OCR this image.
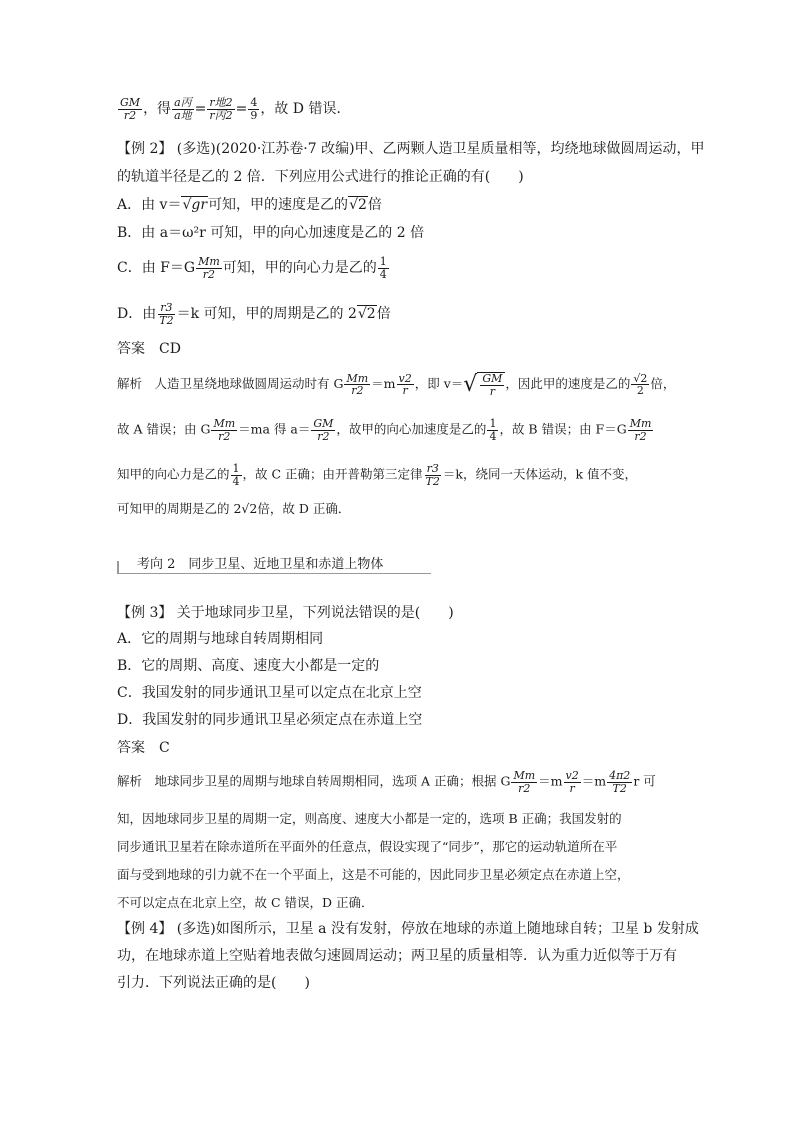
$\frac{GM}{r2}$ ，得 $\frac{\text{a丙}}{\text{a地}} = \frac{\text{r地2}}{\text{r丙2}} = \frac{4}{9}$ ，故 D 错误．
【例 2】 (多选)(2020·江苏卷·7 改编)甲、乙两颗人造卫星质量相等，均绕地球做圆周运动，甲
的轨道半径是乙的 2 倍．下列应用公式进行的推论正确的有(　　)
A．由 v＝√gr可知，甲的速度是乙的√2倍
B．由 a＝ω²r 可知，甲的向心加速度是乙的 2 倍
C．由 $F=G \frac{Mm}{r2}$ 可知，甲的向心力是乙的 $\frac{1}{4}$
D．由 $\frac{r3}{T2} =k$ 可知，甲的周期是乙的 2√2倍
答案　CD
解析　人造卫星绕地球做圆周运动时有 G $\frac{Mm}{r2} =m \frac{v2}{r}$ ，即 v＝ √ $\frac{GM}{r}$ ，因此甲的速度是乙的 $\frac{√2}{2}$ 倍，
故 A 错误；由 G $\frac{Mm}{r2} =ma$ 得 $a= \frac{GM}{r2}$ ，故甲的向心加速度是乙的 $\frac{1}{4}$ ，故 B 错误；由 $F=G \frac{Mm}{r2}$
知甲的向心力是乙的 $\frac{1}{4}$ ，故 C 正确；由开普勒第三定律 $\frac{r3}{T2} =k$，绕同一天体运动，k 值不变，
可知甲的周期是乙的 2√2倍，故 D 正确．
考向 2　同步卫星、近地卫星和赤道上物体
【例 3】 关于地球同步卫星，下列说法错误的是(　　)
A．它的周期与地球自转周期相同
B．它的周期、高度、速度大小都是一定的
C．我国发射的同步通讯卫星可以定点在北京上空
D．我国发射的同步通讯卫星必须定点在赤道上空
答案　C
解析　地球同步卫星的周期与地球自转周期相同，选项 A 正确；根据 G $\frac{Mm}{r2} =m \frac{v2}{r} =m \frac{4\pi 2}{T2}$ r 可
知，因地球同步卫星的周期一定，则高度、速度大小都是一定的，选项 B 正确；我国发射的
同步通讯卫星若在除赤道所在平面外的任意点，假设实现了“同步”，那它的运动轨道所在平
面与受到地球的引力就不在一个平面上，这是不可能的，因此同步卫星必须定点在赤道上空，
不可以定点在北京上空，故 C 错误，D 正确．
【例 4】 (多选)如图所示，卫星 a 没有发射，停放在地球的赤道上随地球自转；卫星 b 发射成
功，在地球赤道上空贴着地表做匀速圆周运动；两卫星的质量相等．认为重力近似等于万有
引力．下列说法正确的是(　　)
